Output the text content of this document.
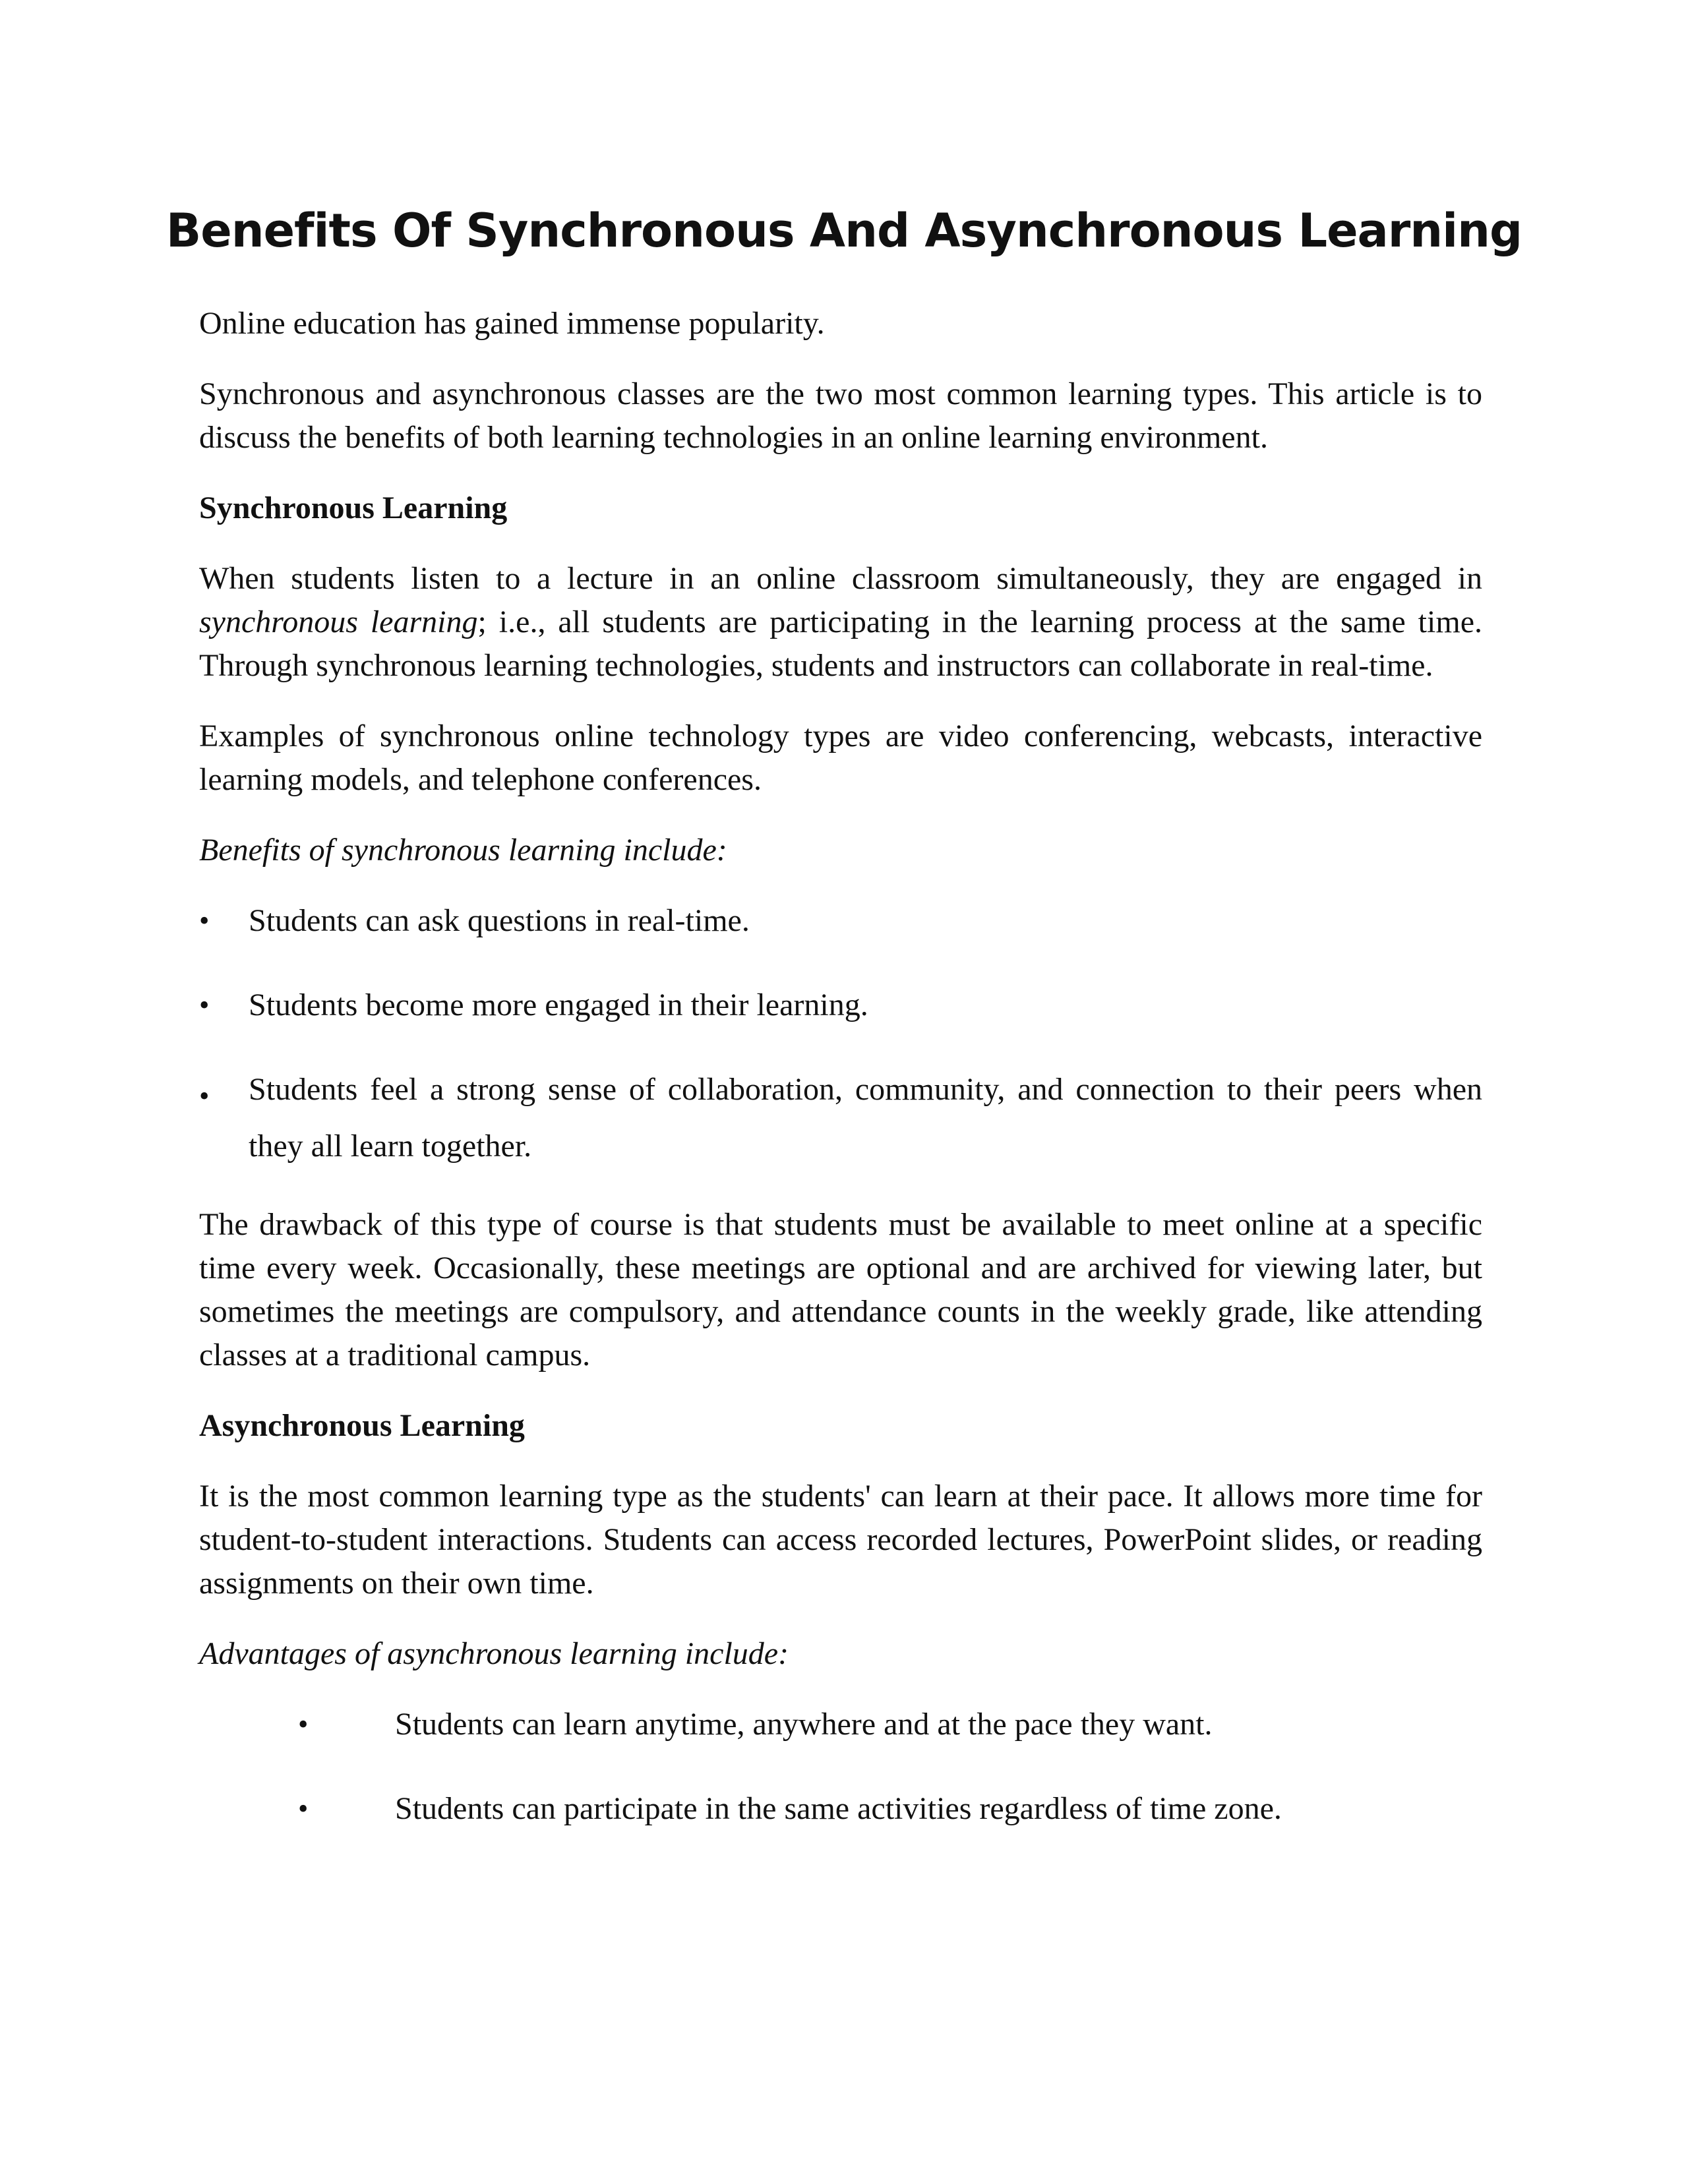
Benefits Of Synchronous And Asynchronous Learning

Online education has gained immense popularity.

Synchronous and asynchronous classes are the two most common learning types. This article is to discuss the benefits of both learning technologies in an online learning environment.

Synchronous Learning

When students listen to a lecture in an online classroom simultaneously, they are engaged in synchronous learning; i.e., all students are participating in the learning process at the same time. Through synchronous learning technologies, students and instructors can collaborate in real-time.

Examples of synchronous online technology types are video conferencing, webcasts, interactive learning models, and telephone conferences.

Benefits of synchronous learning include:

• Students can ask questions in real-time.
• Students become more engaged in their learning.
• Students feel a strong sense of collaboration, community, and connection to their peers when they all learn together.

The drawback of this type of course is that students must be available to meet online at a specific time every week. Occasionally, these meetings are optional and are archived for viewing later, but sometimes the meetings are compulsory, and attendance counts in the weekly grade, like attending classes at a traditional campus.

Asynchronous Learning

It is the most common learning type as the students' can learn at their pace. It allows more time for student-to-student interactions. Students can access recorded lectures, PowerPoint slides, or reading assignments on their own time.

Advantages of asynchronous learning include:

•	Students can learn anytime, anywhere and at the pace they want.
•	Students can participate in the same activities regardless of time zone.
